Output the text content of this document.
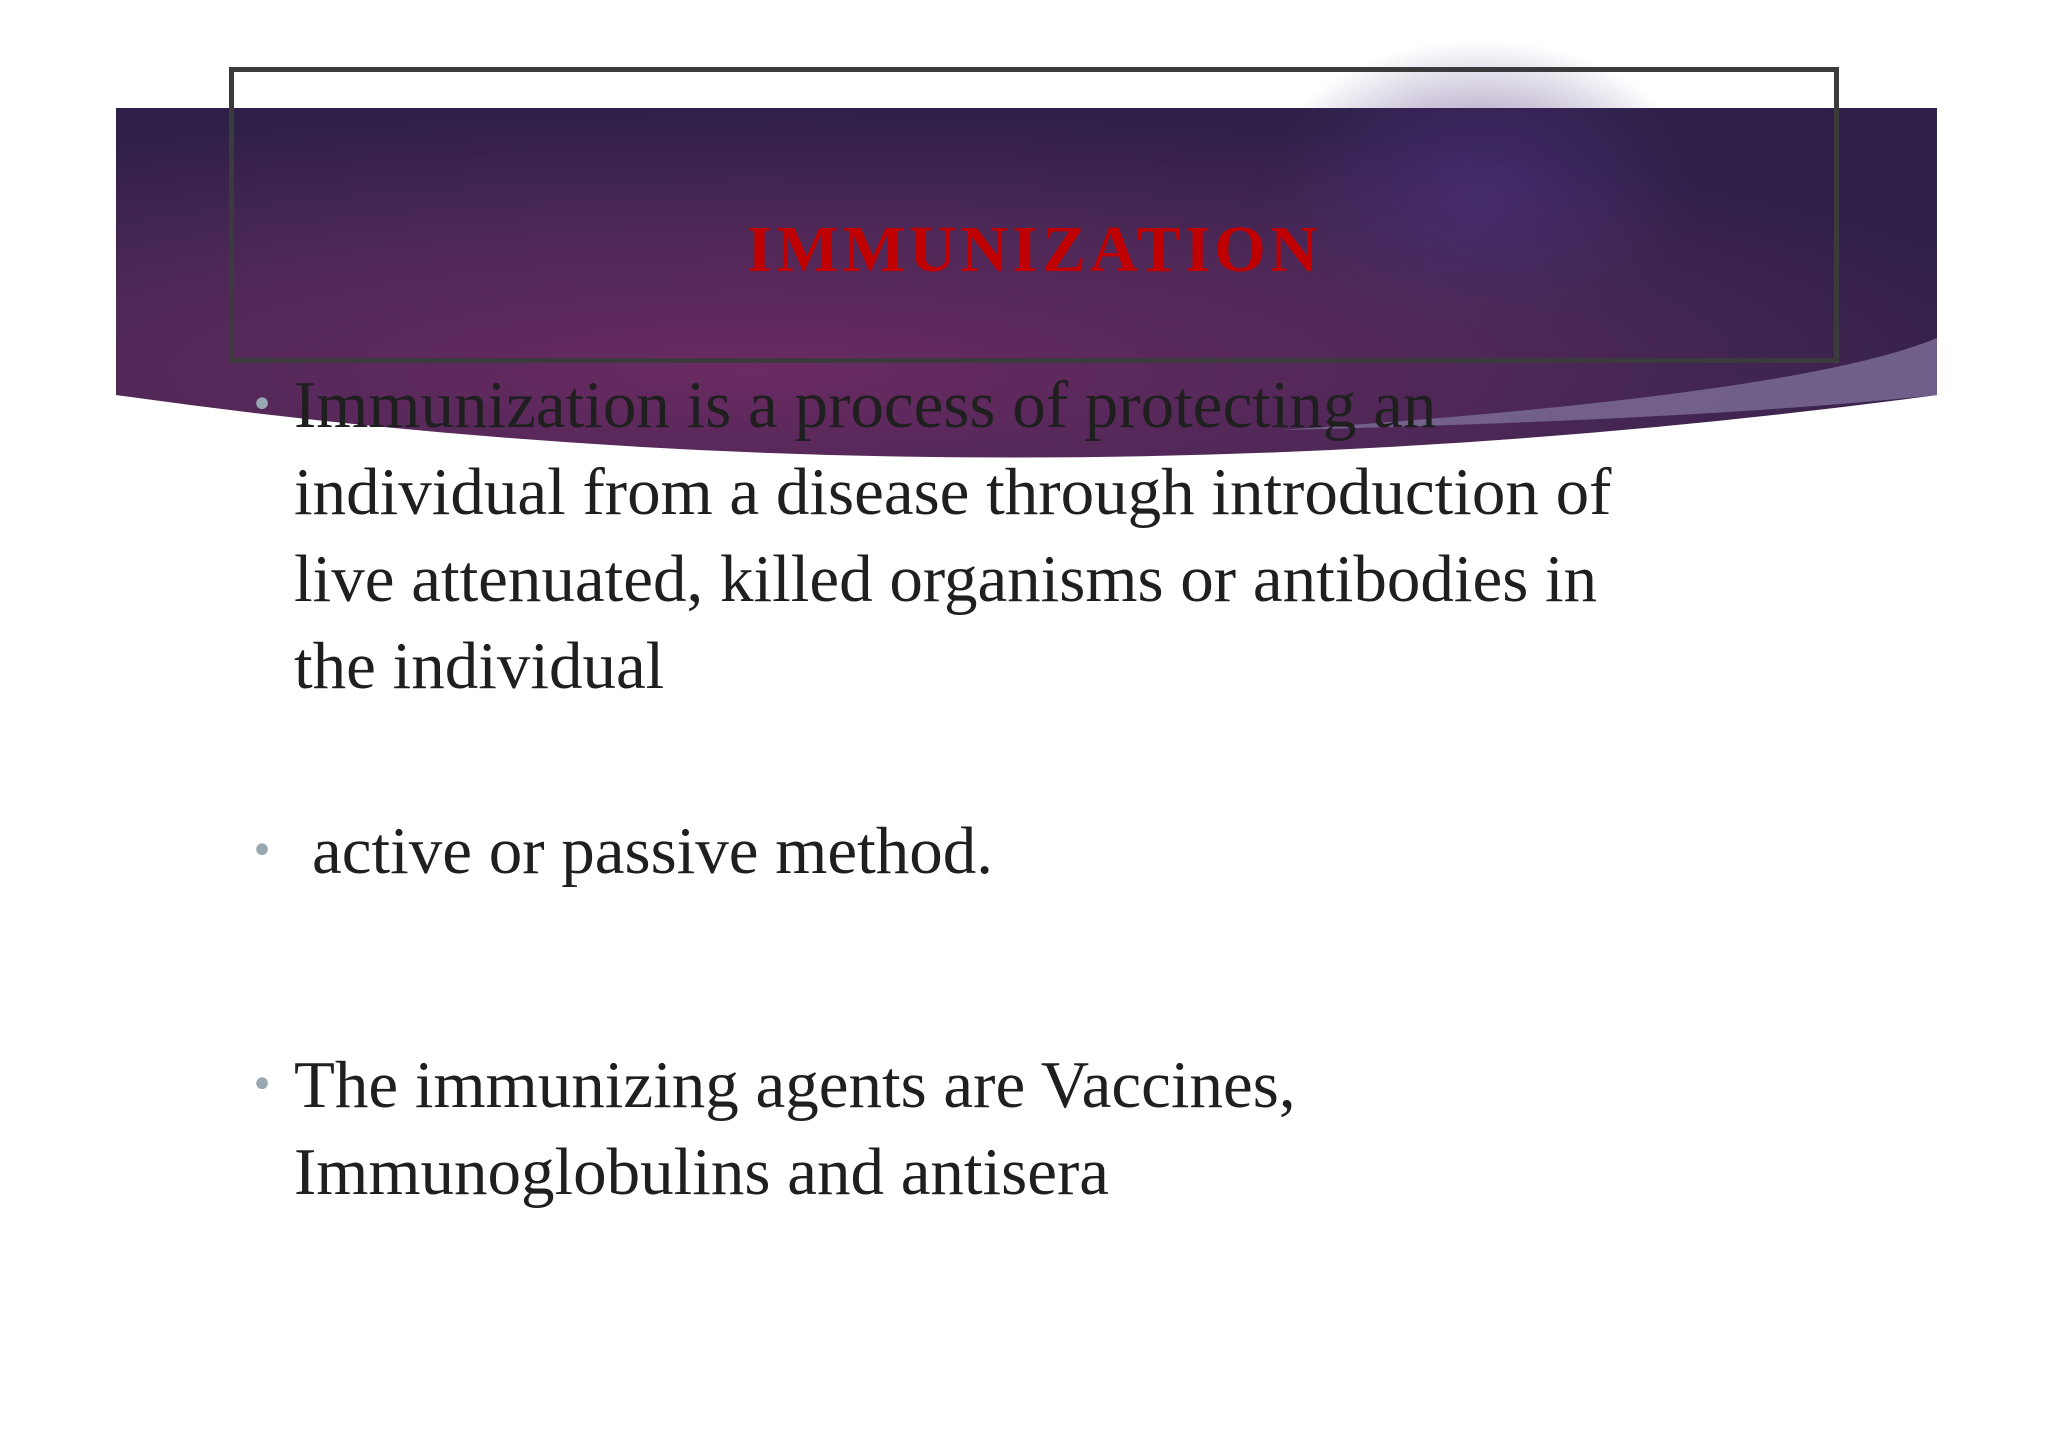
IMMUNIZATION
• Immunization is a process of protecting an
individual from a disease through introduction of
live attenuated, killed organisms or antibodies in
the individual
• active or passive method.
• The immunizing agents are Vaccines,
Immunoglobulins and antisera
